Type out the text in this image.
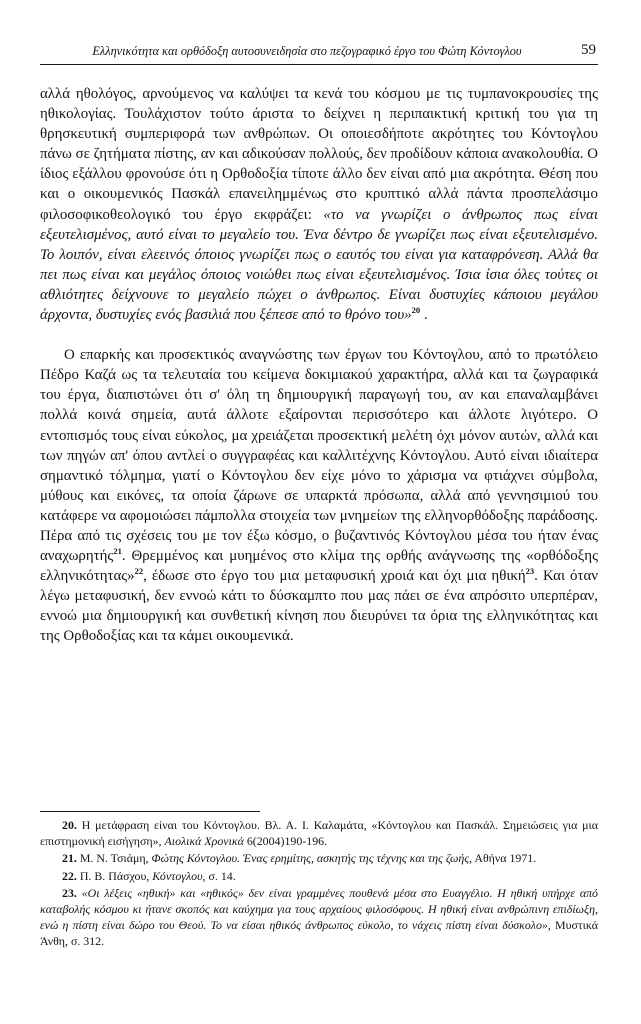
Ελληνικότητα και ορθόδοξη αυτοσυνειδησία στο πεζογραφικό έργο του Φώτη Κόντογλου	59

αλλά ηθολόγος, αρνούμενος να καλύψει τα κενά του κόσμου με τις τυμπανοκρουσίες της ηθικολογίας. Τουλάχιστον τούτο άριστα το δείχνει η περιπαικτική κριτική του για τη θρησκευτική συμπεριφορά των ανθρώπων. Οι οποιεσδήποτε ακρότητες του Κόντογλου πάνω σε ζητήματα πίστης, αν και αδικούσαν πολλούς, δεν προδίδουν κάποια ανακολουθία. Ο ίδιος εξάλλου φρονούσε ότι η Ορθοδοξία τίποτε άλλο δεν είναι από μια ακρότητα. Θέση που και ο οικουμενικός Πασκάλ επανειλημμένως στο κρυπτικό αλλά πάντα προσπελάσιμο φιλοσοφικοθεολογικό του έργο εκφράζει: «το να γνωρίζει ο άνθρωπος πως είναι εξευτελισμένος, αυτό είναι το μεγαλείο του. Ένα δέντρο δε γνωρίζει πως είναι εξευτελισμένο. Το λοιπόν, είναι ελεεινός όποιος γνωρίζει πως ο εαυτός του είναι για καταφρόνεση. Αλλά θα πει πως είναι και μεγάλος όποιος νοιώθει πως είναι εξευτελισμένος. Ίσια ίσια όλες τούτες οι αθλιότητες δείχνουνε το μεγαλείο πώχει ο άνθρωπος. Είναι δυστυχίες κάποιου μεγάλου άρχοντα, δυστυχίες ενός βασιλιά που ξέπεσε από το θρόνο του»$^{20}$ .

Ο επαρκής και προσεκτικός αναγνώστης των έργων του Κόντογλου, από το πρωτόλειο Πέδρο Καζά ως τα τελευταία του κείμενα δοκιμιακού χαρακτήρα, αλλά και τα ζωγραφικά του έργα, διαπιστώνει ότι σ' όλη τη δημιουργική παραγωγή του, αν και επαναλαμβάνει πολλά κοινά σημεία, αυτά άλλοτε εξαίρονται περισσότερο και άλλοτε λιγότερο. Ο εντοπισμός τους είναι εύκολος, μα χρειάζεται προσεκτική μελέτη όχι μόνον αυτών, αλλά και των πηγών απ' όπου αντλεί ο συγγραφέας και καλλιτέχνης Κόντογλου. Αυτό είναι ιδιαίτερα σημαντικό τόλμημα, γιατί ο Κόντογλου δεν είχε μόνο το χάρισμα να φτιάχνει σύμβολα, μύθους και εικόνες, τα οποία ζάρωνε σε υπαρκτά πρόσωπα, αλλά από γεννησιμιού του κατάφερε να αφομοιώσει πάμπολλα στοιχεία των μνημείων της ελληνορθόδοξης παράδοσης. Πέρα από τις σχέσεις του με τον έξω κόσμο, ο βυζαντινός Κόντογλου μέσα του ήταν ένας αναχωρητής$^{21}$. Θρεμμένος και μυημένος στο κλίμα της ορθής ανάγνωσης της «ορθόδοξης ελληνικότητας»$^{22}$, έδωσε στο έργο του μια μεταφυσική χροιά και όχι μια ηθική$^{23}$. Και όταν λέγω μεταφυσική, δεν εννοώ κάτι το δύσκαμπτο που μας πάει σε ένα απρόσιτο υπερπέραν, εννοώ μια δημιουργική και συνθετική κίνηση που διευρύνει τα όρια της ελληνικότητας και της Ορθοδοξίας και τα κάμει οικουμενικά.

20. Η μετάφραση είναι του Κόντογλου. Βλ. Α. Ι. Καλαμάτα, «Κόντογλου και Πασκάλ. Σημειώσεις για μια επιστημονική εισήγηση», Αιολικά Χρονικά 6(2004)190-196.

21. Μ. Ν. Τσιάμη, Φώτης Κόντογλου. Ένας ερημίτης, ασκητής της τέχνης και της ζωής, Αθήνα 1971.

22. Π. Β. Πάσχου, Κόντογλου, σ. 14.

23. «Οι λέξεις «ηθική» και «ηθικός» δεν είναι γραμμένες πουθενά μέσα στο Ευαγγέλιο. Η ηθική υπήρχε από καταβολής κόσμου κι ήτανε σκοπός και καύχημα για τους αρχαίους φιλοσόφους. Η ηθική είναι ανθρώπινη επιδίωξη, ενώ η πίστη είναι δώρο του Θεού. Το να είσαι ηθικός άνθρωπος εύκολο, το νάχεις πίστη είναι δύσκολο», Μυστικά Άνθη, σ. 312.
